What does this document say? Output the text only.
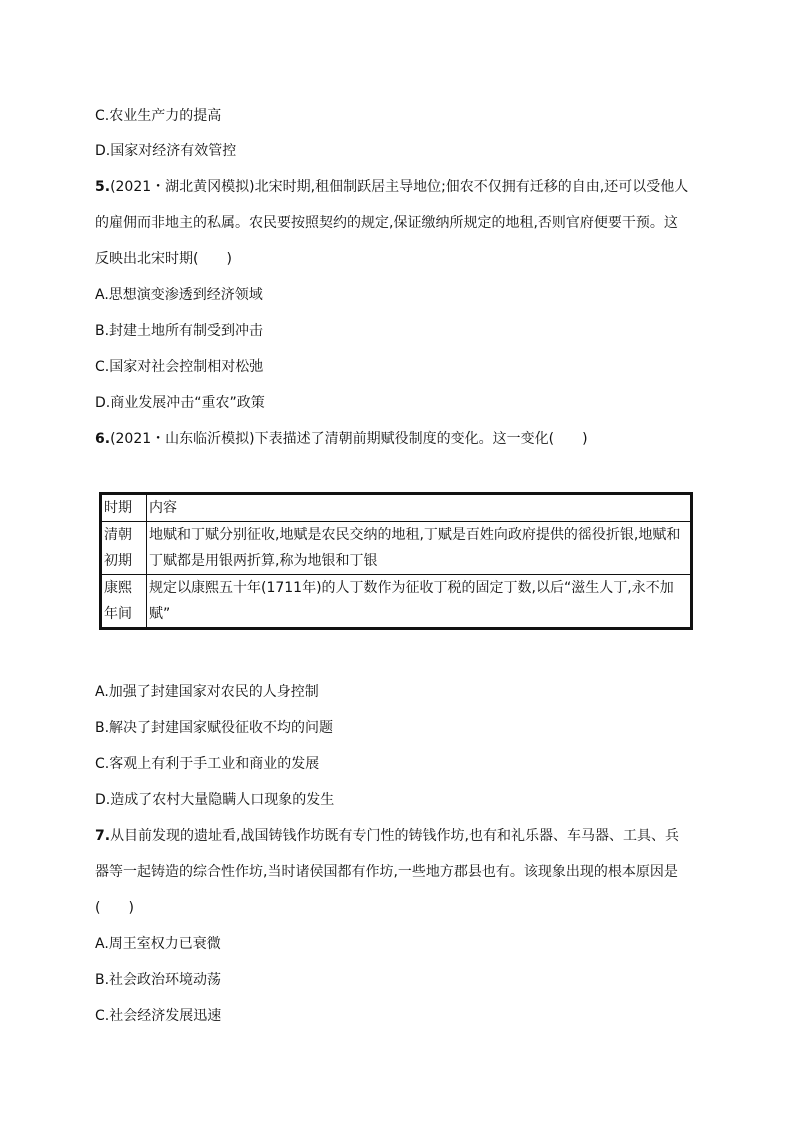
C.农业生产力的提高
D.国家对经济有效管控
5.(2021・湖北黄冈模拟)北宋时期,租佃制跃居主导地位;佃农不仅拥有迁移的自由,还可以受他人
的雇佣而非地主的私属。农民要按照契约的规定,保证缴纳所规定的地租,否则官府便要干预。这
反映出北宋时期(　　)
A.思想演变渗透到经济领域
B.封建土地所有制受到冲击
C.国家对社会控制相对松弛
D.商业发展冲击“重农”政策
6.(2021・山东临沂模拟)下表描述了清朝前期赋役制度的变化。这一变化(　　)
时期	内容
清朝初期	地赋和丁赋分别征收,地赋是农民交纳的地租,丁赋是百姓向政府提供的徭役折银,地赋和丁赋都是用银两折算,称为地银和丁银
康熙年间	规定以康熙五十年(1711年)的人丁数作为征收丁税的固定丁数,以后“滋生人丁,永不加赋”
A.加强了封建国家对农民的人身控制
B.解决了封建国家赋役征收不均的问题
C.客观上有利于手工业和商业的发展
D.造成了农村大量隐瞒人口现象的发生
7.从目前发现的遗址看,战国铸钱作坊既有专门性的铸钱作坊,也有和礼乐器、车马器、工具、兵
器等一起铸造的综合性作坊,当时诸侯国都有作坊,一些地方郡县也有。该现象出现的根本原因是
(　　)
A.周王室权力已衰微
B.社会政治环境动荡
C.社会经济发展迅速
